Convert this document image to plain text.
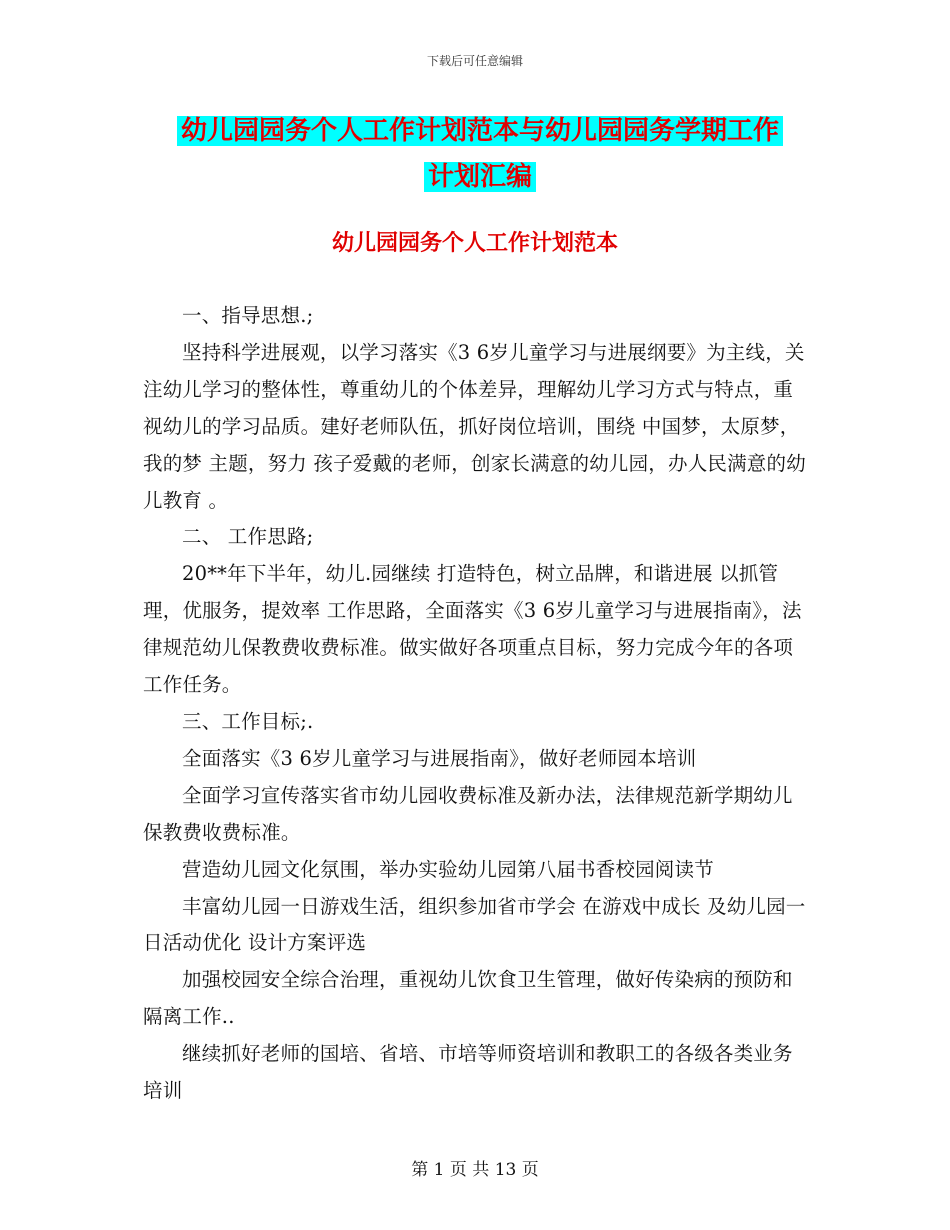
下载后可任意编辑
幼儿园园务个人工作计划范本与幼儿园园务学期工作
计划汇编
幼儿园园务个人工作计划范本

一、指导思想.;

坚持科学进展观，以学习落实《3 6岁儿童学习与进展纲要》为主线，关注幼儿学习的整体性，尊重幼儿的个体差异，理解幼儿学习方式与特点，重视幼儿的学习品质。建好老师队伍，抓好岗位培训，围绕 中国梦，太原梦，我的梦 主题，努力 孩子爱戴的老师，创家长满意的幼儿园，办人民满意的幼儿教育 。

二、 工作思路;

20**年下半年，幼儿.园继续 打造特色，树立品牌，和谐进展 以抓管理，优服务，提效率 工作思路，全面落实《3 6岁儿童学习与进展指南》，法律规范幼儿保教费收费标准。做实做好各项重点目标，努力完成今年的各项工作任务。

三、工作目标;.

全面落实《3 6岁儿童学习与进展指南》，做好老师园本培训

全面学习宣传落实省市幼儿园收费标准及新办法，法律规范新学期幼儿保教费收费标准。

营造幼儿园文化氛围，举办实验幼儿园第八届书香校园阅读节

丰富幼儿园一日游戏生活，组织参加省市学会 在游戏中成长 及幼儿园一日活动优化 设计方案评选

加强校园安全综合治理，重视幼儿饮食卫生管理，做好传染病的预防和隔离工作..

继续抓好老师的国培、省培、市培等师资培训和教职工的各级各类业务培训

第 1 页 共 13 页
